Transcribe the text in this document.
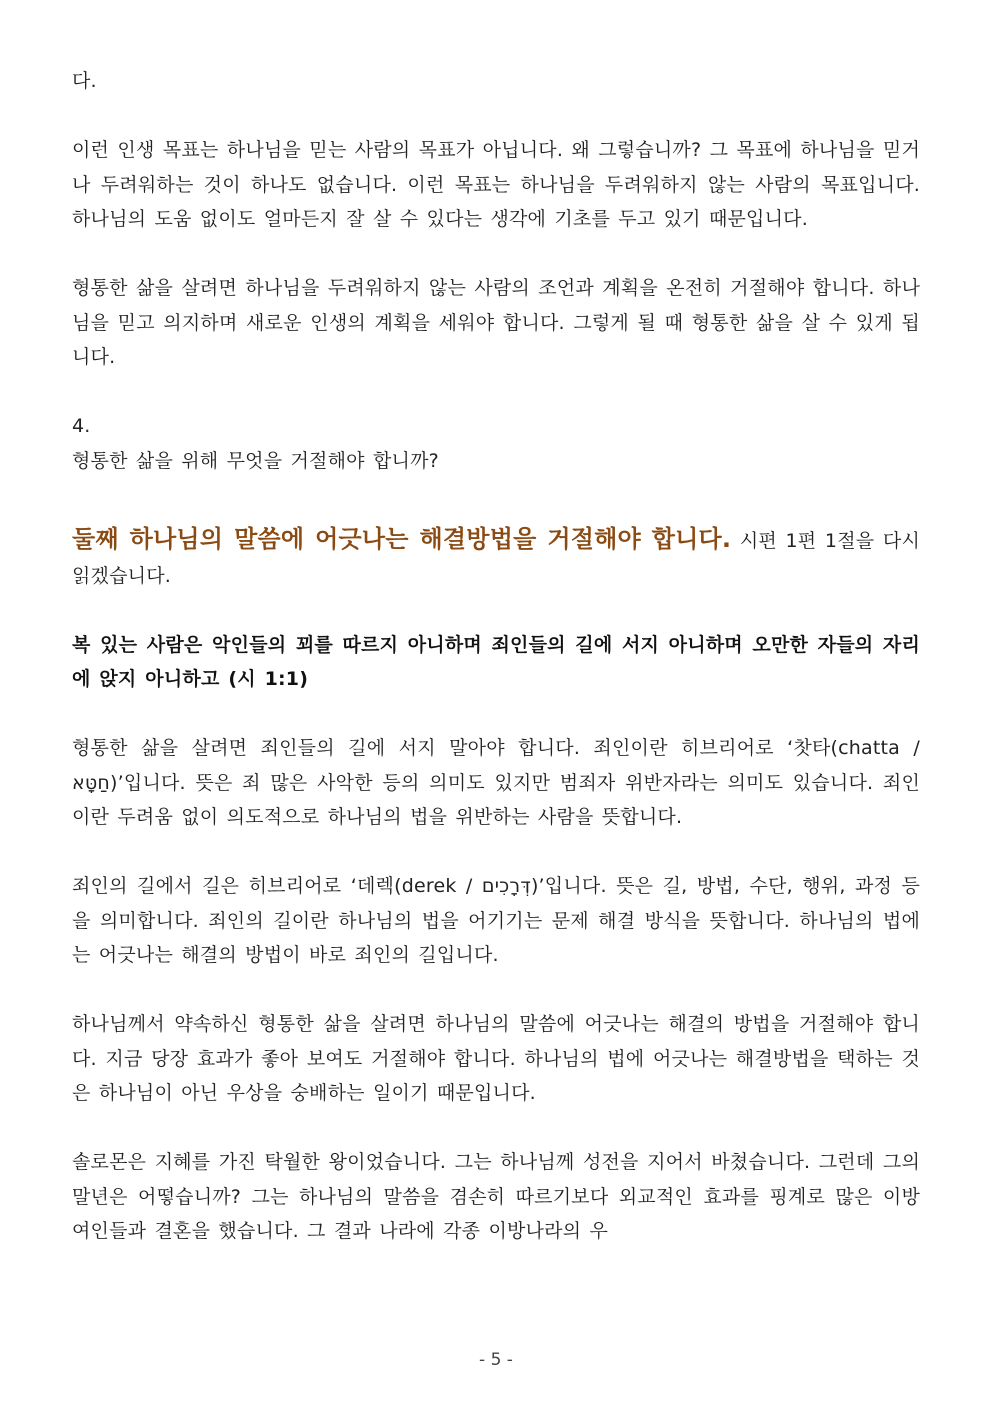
다.

이런 인생 목표는 하나님을 믿는 사람의 목표가 아닙니다. 왜 그렇습니까? 그 목표에 하나님을 믿거나 두려워하는 것이 하나도 없습니다. 이런 목표는 하나님을 두려워하지 않는 사람의 목표입니다. 하나님의 도움 없이도 얼마든지 잘 살 수 있다는 생각에 기초를 두고 있기 때문입니다.

형통한 삶을 살려면 하나님을 두려워하지 않는 사람의 조언과 계획을 온전히 거절해야 합니다. 하나님을 믿고 의지하며 새로운 인생의 계획을 세워야 합니다. 그렇게 될 때 형통한 삶을 살 수 있게 됩니다.

4.

형통한 삶을 위해 무엇을 거절해야 합니까?

둘째 하나님의 말씀에 어긋나는 해결방법을 거절해야 합니다. 시편 1편 1절을 다시 읽겠습니다.

복 있는 사람은 악인들의 꾀를 따르지 아니하며 죄인들의 길에 서지 아니하며 오만한 자들의 자리에 앉지 아니하고 (시 1:1)

형통한 삶을 살려면 죄인들의 길에 서지 말아야 합니다. 죄인이란 히브리어로 ‘찻타(chatta / חַטָּא)’입니다. 뜻은 죄 많은 사악한 등의 의미도 있지만 범죄자 위반자라는 의미도 있습니다. 죄인이란 두려움 없이 의도적으로 하나님의 법을 위반하는 사람을 뜻합니다.

죄인의 길에서 길은 히브리어로 ‘데렉(derek / דְּרָכִים)’입니다. 뜻은 길, 방법, 수단, 행위, 과정 등을 의미합니다. 죄인의 길이란 하나님의 법을 어기기는 문제 해결 방식을 뜻합니다. 하나님의 법에는 어긋나는 해결의 방법이 바로 죄인의 길입니다.

하나님께서 약속하신 형통한 삶을 살려면 하나님의 말씀에 어긋나는 해결의 방법을 거절해야 합니다. 지금 당장 효과가 좋아 보여도 거절해야 합니다. 하나님의 법에 어긋나는 해결방법을 택하는 것은 하나님이 아닌 우상을 숭배하는 일이기 때문입니다.

솔로몬은 지혜를 가진 탁월한 왕이었습니다. 그는 하나님께 성전을 지어서 바쳤습니다. 그런데 그의 말년은 어떻습니까? 그는 하나님의 말씀을 겸손히 따르기보다 외교적인 효과를 핑계로 많은 이방 여인들과 결혼을 했습니다. 그 결과 나라에 각종 이방나라의 우

- 5 -
